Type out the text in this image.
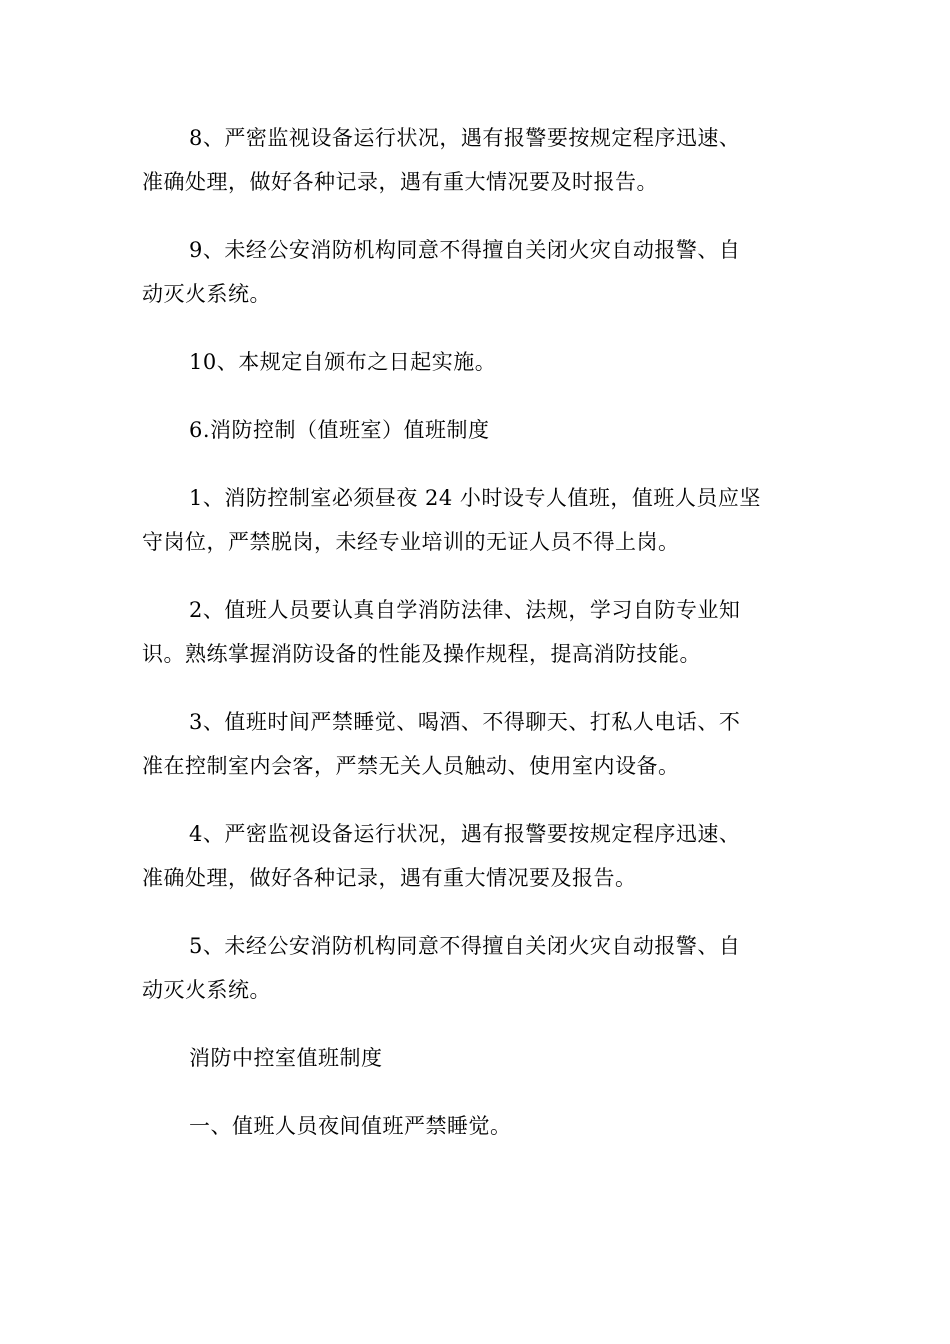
8、严密监视设备运行状况，遇有报警要按规定程序迅速、
准确处理，做好各种记录，遇有重大情况要及时报告。

9、未经公安消防机构同意不得擅自关闭火灾自动报警、自
动灭火系统。

10、本规定自颁布之日起实施。

6.消防控制（值班室）值班制度

1、消防控制室必须昼夜 24 小时设专人值班，值班人员应坚
守岗位，严禁脱岗，未经专业培训的无证人员不得上岗。

2、值班人员要认真自学消防法律、法规，学习自防专业知
识。熟练掌握消防设备的性能及操作规程，提高消防技能。

3、值班时间严禁睡觉、喝酒、不得聊天、打私人电话、不
准在控制室内会客，严禁无关人员触动、使用室内设备。

4、严密监视设备运行状况，遇有报警要按规定程序迅速、
准确处理，做好各种记录，遇有重大情况要及报告。

5、未经公安消防机构同意不得擅自关闭火灾自动报警、自
动灭火系统。

消防中控室值班制度

一、值班人员夜间值班严禁睡觉。
